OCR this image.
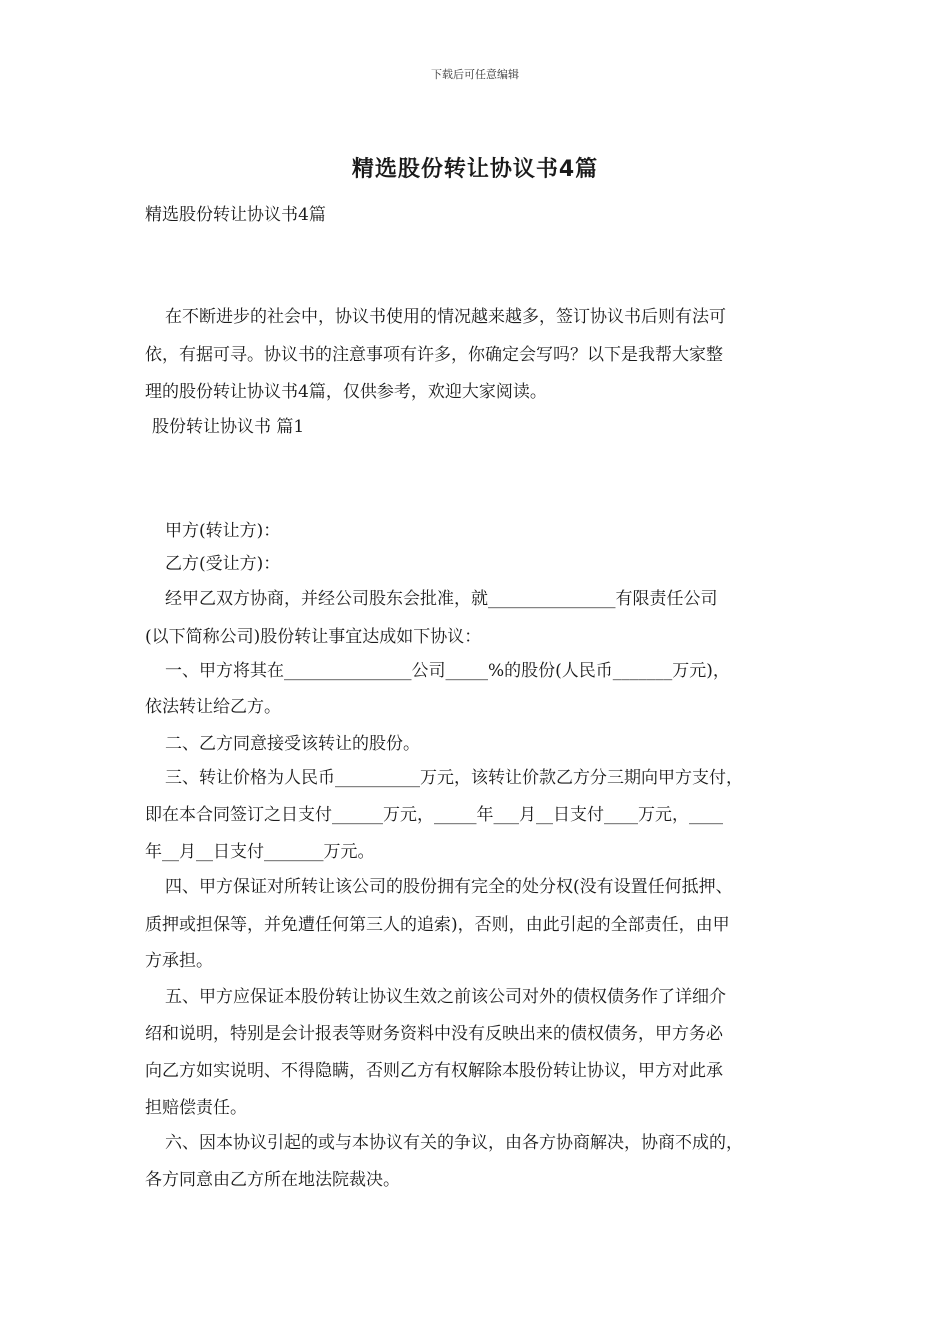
下载后可任意编辑
精选股份转让协议书4篇
精选股份转让协议书4篇
在不断进步的社会中，协议书使用的情况越来越多，签订协议书后则有法可
依，有据可寻。协议书的注意事项有许多，你确定会写吗？以下是我帮大家整
理的股份转让协议书4篇，仅供参考，欢迎大家阅读。
股份转让协议书 篇1
甲方(转让方)：
乙方(受让方)：
经甲乙双方协商，并经公司股东会批准，就_______________有限责任公司
(以下简称公司)股份转让事宜达成如下协议：
一、甲方将其在_______________公司_____%的股份(人民币_______万元)，
依法转让给乙方。
二、乙方同意接受该转让的股份。
三、转让价格为人民币__________万元，该转让价款乙方分三期向甲方支付，
即在本合同签订之日支付______万元，_____年___月__日支付____万元，____
年__月__日支付_______万元。
四、甲方保证对所转让该公司的股份拥有完全的处分权(没有设置任何抵押、
质押或担保等，并免遭任何第三人的追索)，否则，由此引起的全部责任，由甲
方承担。
五、甲方应保证本股份转让协议生效之前该公司对外的债权债务作了详细介
绍和说明，特别是会计报表等财务资料中没有反映出来的债权债务，甲方务必
向乙方如实说明、不得隐瞒，否则乙方有权解除本股份转让协议，甲方对此承
担赔偿责任。
六、因本协议引起的或与本协议有关的争议，由各方协商解决，协商不成的，
各方同意由乙方所在地法院裁决。
